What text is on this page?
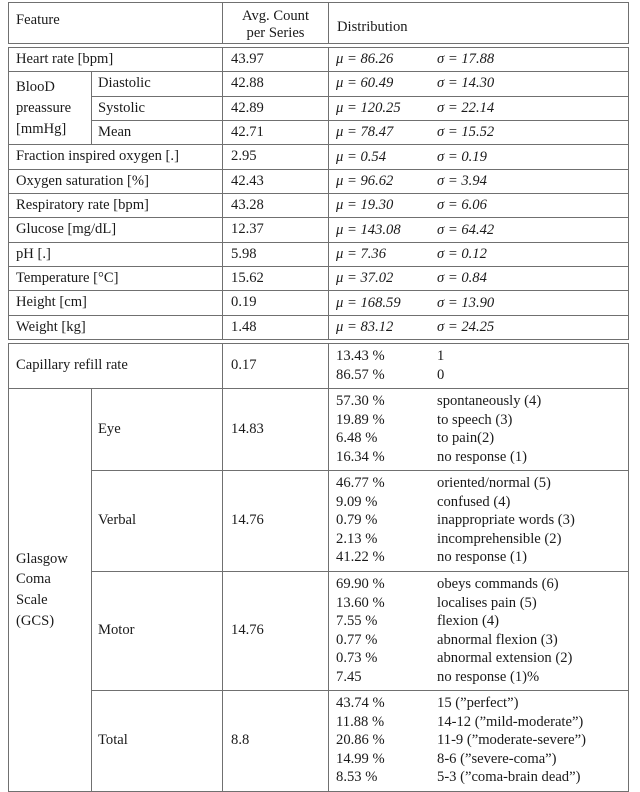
Feature		Avg. Count
per Series	Distribution

Heart rate [bpm]		43.97	μ = 86.26 σ = 17.88

BlooD
preassure
[mmHg]	Diastolic	42.88	μ = 60.49 σ = 14.30

	Systolic	42.89	μ = 120.25 σ = 22.14

	Mean	42.71	μ = 78.47 σ = 15.52

Fraction inspired oxygen [.]		2.95	μ = 0.54 σ = 0.19

Oxygen saturation [%]		42.43	μ = 96.62 σ = 3.94

Respiratory rate [bpm]		43.28	μ = 19.30 σ = 6.06

Glucose [mg/dL]		12.37	μ = 143.08 σ = 64.42

pH [.]		5.98	μ = 7.36 σ = 0.12

Temperature [°C]		15.62	μ = 37.02 σ = 0.84

Height [cm]		0.19	μ = 168.59 σ = 13.90

Weight [kg]		1.48	μ = 83.12 σ = 24.25

Capillary refill rate		0.17	13.43 % 1
86.57 % 0

Glasgow
Coma
Scale
(GCS)

Eye	14.83

57.30 %	spontaneously (4)
19.89 %	to speech (3)
6.48 %	to pain(2)
16.34 %	no response (1)

Verbal	14.76

46.77 %	oriented/normal (5)
9.09 %	confused (4)
0.79 %	inappropriate words (3)
2.13 %	incomprehensible (2)
41.22 %	no response (1)

Motor	14.76

69.90 %	obeys commands (6)
13.60 %	localises pain (5)
7.55 %	flexion (4)
0.77 %	abnormal flexion (3)
0.73 %	abnormal extension (2)
7.45	no response (1)%

Total	8.8

43.74 %	15 (”perfect”)
11.88 %	14-12 (”mild-moderate”)
20.86 %	11-9 (”moderate-severe”)
14.99 %	8-6 (”severe-coma”)
8.53 %	5-3 (”coma-brain dead”)
